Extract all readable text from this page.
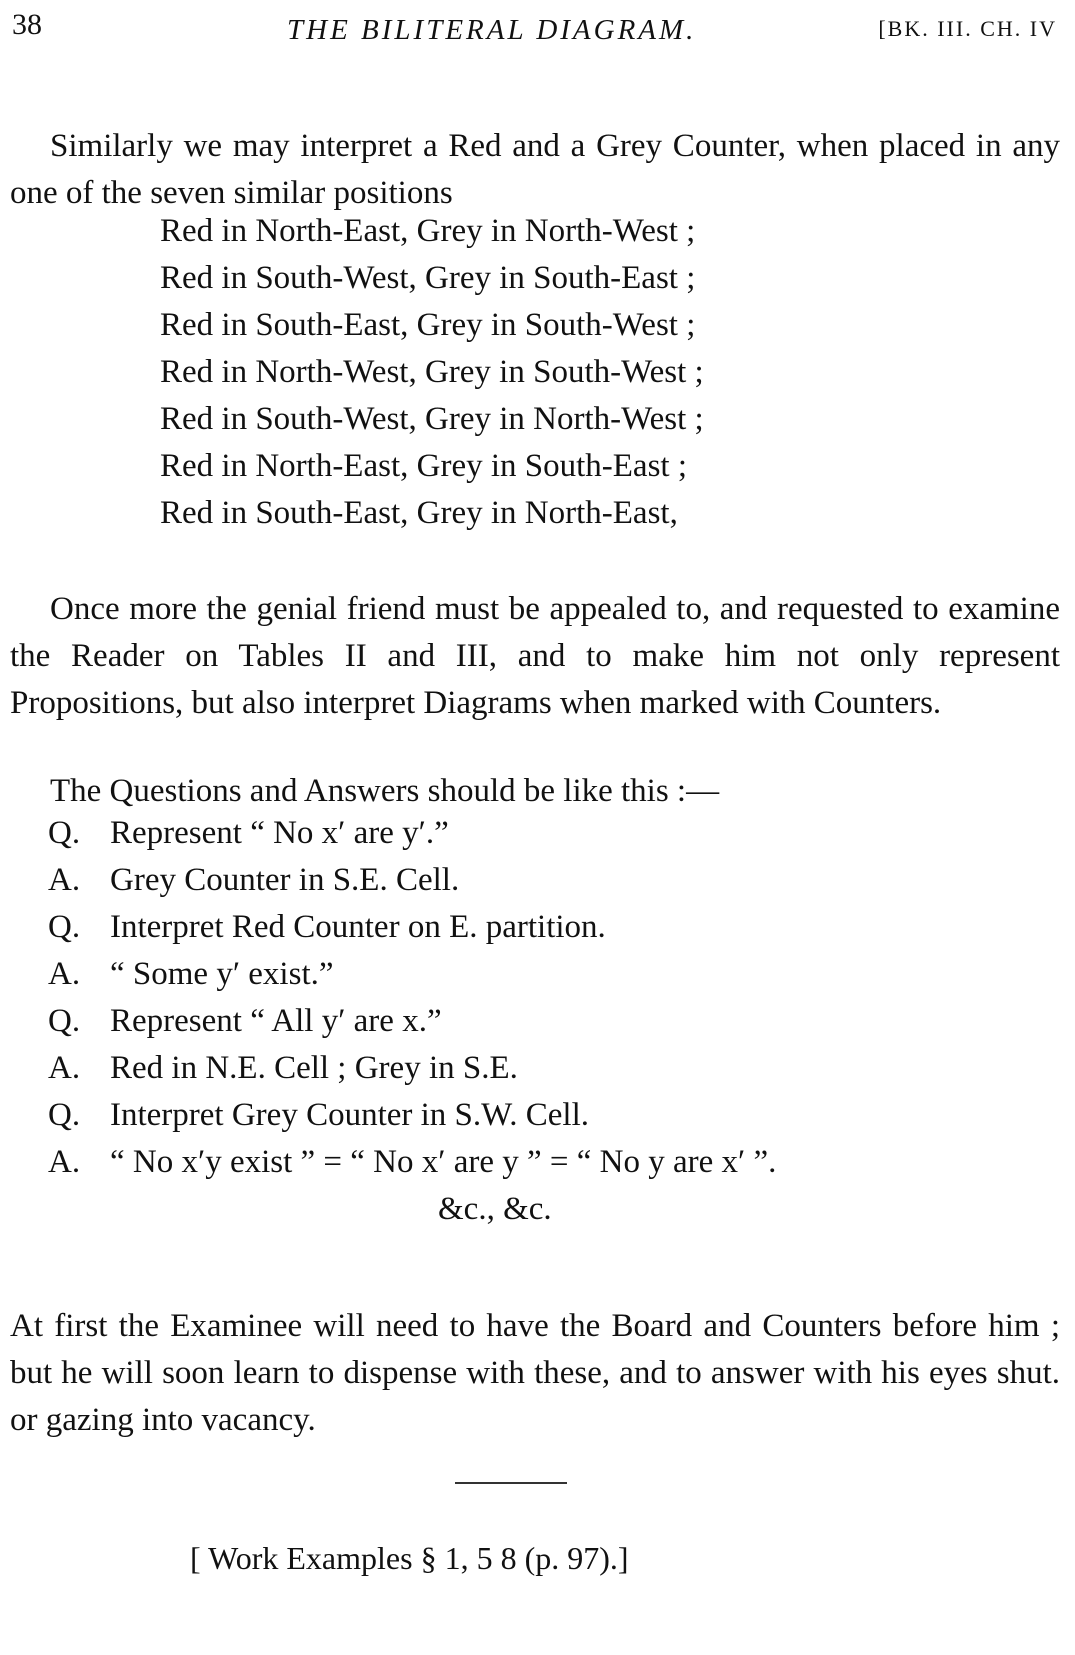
38	THE BILITERAL DIAGRAM.	[BK. III. CH. IV

Similarly we may interpret a Red and a Grey Counter, when placed in any one of the seven similar positions

Red in North-East, Grey in North-West ;
Red in South-West, Grey in South-East ;
Red in South-East, Grey in South-West ;
Red in North-West, Grey in South-West ;
Red in South-West, Grey in North-West ;
Red in North-East, Grey in South-East ;
Red in South-East, Grey in North-East,

Once more the genial friend must be appealed to, and requested to examine the Reader on Tables II and III, and to make him not only represent Propositions, but also interpret Diagrams when marked with Counters.

The Questions and Answers should be like this :—

Q. Represent “ No x′ are y′.”
A. Grey Counter in S.E. Cell.
Q. Interpret Red Counter on E. partition.
A. “ Some y′ exist.”
Q. Represent “ All y′ are x.”
A. Red in N.E. Cell ; Grey in S.E.
Q. Interpret Grey Counter in S.W. Cell.
A. “ No x′y exist ” = “ No x′ are y ” = “ No y are x′ ”.
&c., &c.

At first the Examinee will need to have the Board and Counters before him ; but he will soon learn to dispense with these, and to answer with his eyes shut. or gazing into vacancy.

[ Work Examples § 1, 5 8 (p. 97).]
